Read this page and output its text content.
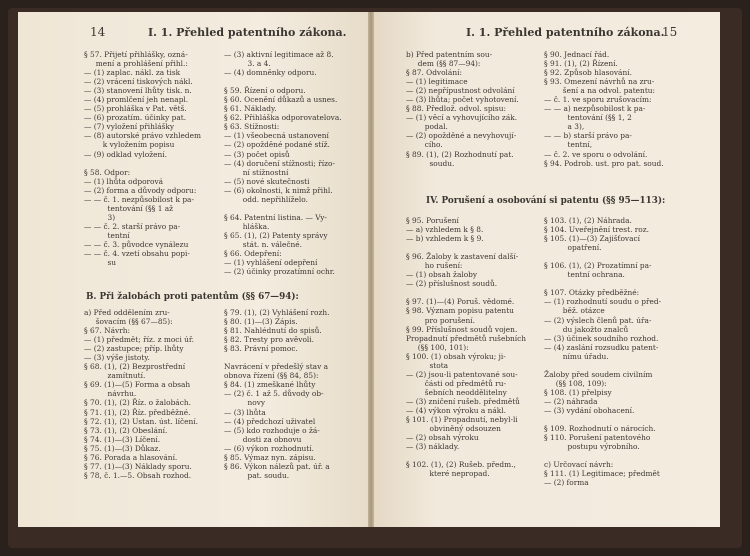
14	I. 1. Přehled patentního zákona.
§ 57. Přijetí přihlášky, ozná-
mení a prohlášení přihl.:
— (1) zaplac. nákl. za tisk
— (2) vrácení tiskových nákl.
— (3) stanovení lhůty tisk. n.
— (4) promlčení jeh nenapl.
— (5) prohláška v Pat. větš.
— (6) prozatím. účinky pat.
— (7) vyložení přihlášky
— (8) autorské právo vzhledem
k vyložením popisu
— (9) odklad vyložení.
§ 58. Odpor:
— (1) lhůta odporová
— (2) forma a důvody odporu:
— — č. 1. nezpůsobilost k pa-
tentování (§§ 1 až
3)
— — č. 2. starší právo pa-
tentní
— — č. 3. původce vynálezu
— — č. 4. vzetí obsahu popi-
su
— (3) aktivní legitimace až 8.
3. a 4.
— (4) domněnky odporu.
§ 59. Řízení o odporu.
§ 60. Ocenění důkazů a usnes.
§ 61. Náklady.
§ 62. Přihláška odporovatelova.
§ 63. Stížnosti:
— (1) všeobecná ustanovení
— (2) opožděné podané stíž.
— (3) počet opisů
— (4) doručení stížnosti; řízo-
ní stížnostní
— (5) nové skutečnosti
— (6) okolnosti, k nimž přihl.
odd. nepřihlíželo.
§ 64. Patentní listina. — Vy-
hláška.
§ 65. (1), (2) Patenty správy
stát. n. válečné.
§ 66. Odepření:
— (1) vyhlášení odepření
— (2) účinky prozatímní ochr.
B. Při žalobách proti patentům (§§ 67—94):
a) Před oddělením zru-
šovacím (§§ 67—85):
§ 67. Návrh:
— (1) předmět; říz. z moci úř.
— (2) zastupce; příp. lhůty
— (3) výše jistoty.
§ 68. (1), (2) Bezprostřední
zamítnutí.
§ 69. (1)—(5) Forma a obsah
návrhu.
§ 70. (1), (2) Říz. o žalobách.
§ 71. (1), (2) Říz. předběžné.
§ 72. (1), (2) Ustan. úst. líčení.
§ 73. (1), (2) Obeslání.
§ 74. (1)—(3) Líčení.
§ 75. (1)—(3) Důkaz.
§ 76. Porada a hlasování.
§ 77. (1)—(3) Náklady sporu.
§ 78, č. 1.—5. Obsah rozhod.
§ 79. (1), (2) Vyhlášení rozh.
§ 80. (1)—(3) Zápis.
§ 81. Nahlédnutí do spisů.
§ 82. Tresty pro avěvoli.
§ 83. Právní pomoc.
Navrácení v předešlý stav a
obnova řízení (§§ 84, 85):
§ 84. (1) zmeškané lhůty
— (2) č. 1 až 5. důvody ob-
novy
— (3) lhůta
— (4) předchozí uživatel
— (5) kdo rozhoduje o žá-
dosti za obnovu
— (6) výkon rozhodnutí.
§ 85. Výmaz nyn. zápisu.
§ 86. Výkon nálezů pat. úř. a
pat. soudu.
I. 1. Přehled patentního zákona.
15
b) Před patentním sou-
dem (§§ 87—94):
§ 87. Odvolání:
— (1) legitimace
— (2) nepřípustnost odvolání
— (3) lhůta; počet vyhotovení.
§ 88. Předlož. odvol. spisu:
— (1) věcí a vyhovujícího zák.
podal.
— (2) opožděné a nevyhovují-
cího.
§ 89. (1), (2) Rozhodnutí pat.
soudu.
§ 90. Jednací řád.
§ 91. (1), (2) Řízení.
§ 92. Způsob hlasování.
§ 93. Omezení návrhů na zru-
šení a na odvol. patentu:
— č. 1. ve sporu zrušovacím:
— — a) nezpůsobilost k pa-
tentování (§§ 1, 2
a 3),
— — b) starší právo pa-
tentní,
— č. 2. ve sporu o odvolání.
§ 94. Podrob. ust. pro pat. soud.
IV. Porušení a osobování si patentu (§§ 95—113):
§ 95. Porušení
— a) vzhledem k § 8.
— b) vzhledem k § 9.
§ 96. Žaloby k zastavení další-
ho rušení:
— (1) obsah žaloby
— (2) příslušnost soudů.
§ 97. (1)—(4) Poruš. vědomé.
§ 98. Význam popisu patentu
pro porušení.
§ 99. Příslušnost soudů vojen.
Propadnutí předmětů rušebních
(§§ 100, 101):
§ 100. (1) obsah výroku; ji-
stota
— (2) jsou-li patentované sou-
části od předmětů ru-
šebních neoddělitelny
— (3) zničení rušeb. předmětů
— (4) výkon výroku a nákl.
§ 101. (1) Propadnutí, nebyl-li
obviněný odsouzen
— (2) obsah výroku
— (3) náklady.
§ 102. (1), (2) Rušeb. předm.,
které nepropad.
§ 103. (1), (2) Náhrada.
§ 104. Uveřejnění trest. roz.
§ 105. (1)—(3) Zajišťovací
opatření.
§ 106. (1), (2) Prozatímní pa-
tentní ochrana.
§ 107. Otázky předběžné:
— (1) rozhodnutí soudu o před-
běž. otázce
— (2) výslech členů pat. úřa-
du jakožto znalců
— (3) účinek soudního rozhod.
— (4) zaslání rozsudku patent-
nímu úřadu.
Žaloby před soudem civilním
(§§ 108, 109):
§ 108. (1) přelpisy
— (2) náhrada
— (3) vydání obohacení.
§ 109. Rozhodnutí o nárocích.
§ 110. Porušení patentového
postupu výrobního.
c) Určovací návrh:
§ 111. (1) Legitimace; předmět
— (2) forma
